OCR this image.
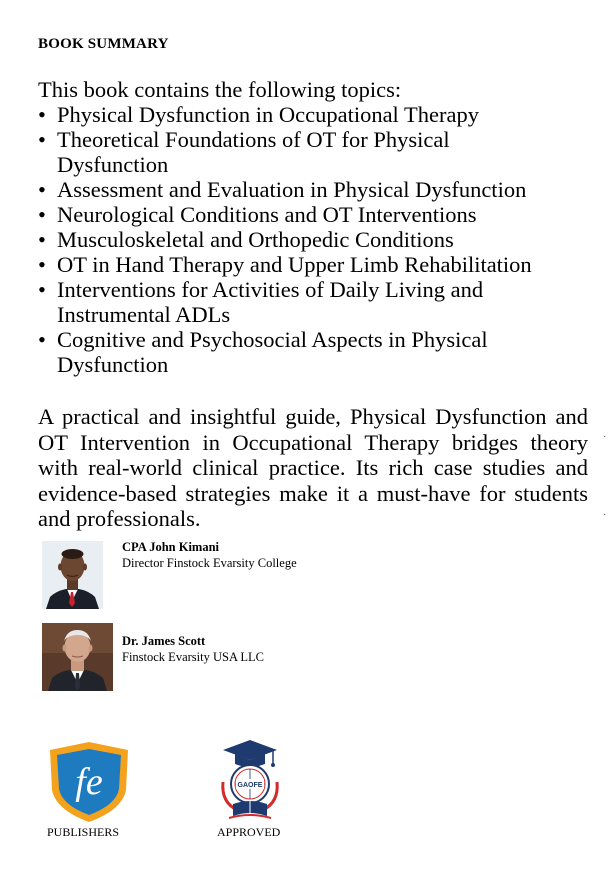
BOOK SUMMARY
This book contains the following topics:
• Physical Dysfunction in Occupational Therapy
• Theoretical Foundations of OT for Physical
Dysfunction
• Assessment and Evaluation in Physical Dysfunction
• Neurological Conditions and OT Interventions
• Musculoskeletal and Orthopedic Conditions
• OT in Hand Therapy and Upper Limb Rehabilitation
• Interventions for Activities of Daily Living and
Instrumental ADLs
• Cognitive and Psychosocial Aspects in Physical
Dysfunction

A practical and insightful guide, Physical Dysfunction and OT Intervention in Occupational Therapy bridges theory with real-world clinical practice. Its rich case studies and evidence-based strategies make it a must-have for students and professionals.

·
·
CPA John Kimani
Director Finstock Evarsity College
Dr. James Scott
Finstock Evarsity USA LLC
fe
PUBLISHERS
GAOFE
APPROVED
